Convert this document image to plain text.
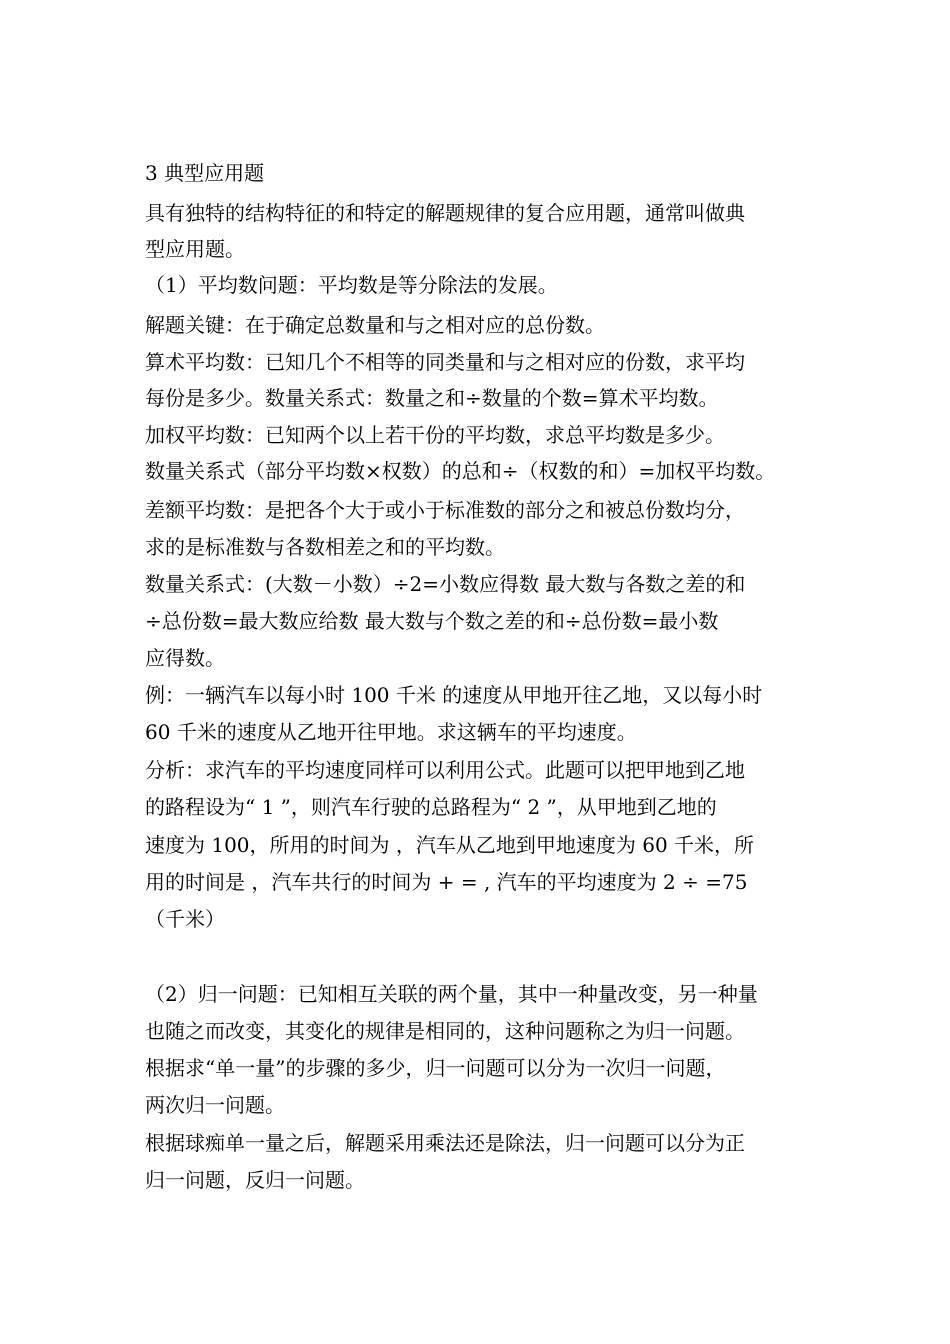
3 典型应用题
具有独特的结构特征的和特定的解题规律的复合应用题，通常叫做典
型应用题。
（1）平均数问题：平均数是等分除法的发展。
解题关键：在于确定总数量和与之相对应的总份数。
算术平均数：已知几个不相等的同类量和与之相对应的份数，求平均
每份是多少。数量关系式：数量之和÷数量的个数=算术平均数。
加权平均数：已知两个以上若干份的平均数，求总平均数是多少。
数量关系式（部分平均数×权数）的总和÷（权数的和）=加权平均数。
差额平均数：是把各个大于或小于标准数的部分之和被总份数均分，
求的是标准数与各数相差之和的平均数。
数量关系式：(大数－小数）÷2=小数应得数 最大数与各数之差的和
÷总份数=最大数应给数 最大数与个数之差的和÷总份数=最小数
应得数。
例：一辆汽车以每小时 100 千米 的速度从甲地开往乙地，又以每小时
60 千米的速度从乙地开往甲地。求这辆车的平均速度。
分析：求汽车的平均速度同样可以利用公式。此题可以把甲地到乙地
的路程设为“ 1 ”，则汽车行驶的总路程为“ 2 ”，从甲地到乙地的
速度为 100，所用的时间为 ，汽车从乙地到甲地速度为 60 千米，所
用的时间是 ，汽车共行的时间为 + = , 汽车的平均速度为 2 ÷ =75
（千米）
（2）归一问题：已知相互关联的两个量，其中一种量改变，另一种量
也随之而改变，其变化的规律是相同的，这种问题称之为归一问题。
根据求“单一量”的步骤的多少，归一问题可以分为一次归一问题，
两次归一问题。
根据球痴单一量之后，解题采用乘法还是除法，归一问题可以分为正
归一问题，反归一问题。
